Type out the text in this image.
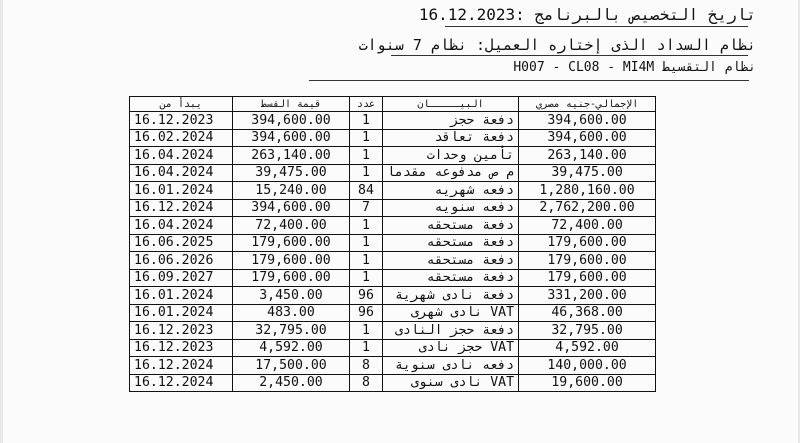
تاريخ التخصيص بالبرنامج :16.12.2023
نظام السداد الذى إختاره العميل: نظام 7 سنوات
H007 - CL08 - MI4M نظام التقسيط
يبدأ من	قيمة القسط	عدد	البيـــــان	الإجمالي-جنيه مصري
16.12.2023	394,600.00	1	دفعة حجز	394,600.00
16.02.2024	394,600.00	1	دفعة تعاقد	394,600.00
16.04.2024	263,140.00	1	تأمين وحدات	263,140.00
16.04.2024	39,475.00	1	م ص مدفوعه مقدما	39,475.00
16.01.2024	15,240.00	84	دفعه شهريه	1,280,160.00
16.12.2024	394,600.00	7	دفعه سنويه	2,762,200.00
16.04.2024	72,400.00	1	دفعة مستحقه	72,400.00
16.06.2025	179,600.00	1	دفعة مستحقه	179,600.00
16.06.2026	179,600.00	1	دفعة مستحقه	179,600.00
16.09.2027	179,600.00	1	دفعة مستحقه	179,600.00
16.01.2024	3,450.00	96	دفعة نادى شهرية	331,200.00
16.01.2024	483.00	96	VAT نادى شهرى	46,368.00
16.12.2023	32,795.00	1	دفعة حجز النادى	32,795.00
16.12.2023	4,592.00	1	VAT حجز نادى	4,592.00
16.12.2024	17,500.00	8	دفعه نادى سنوية	140,000.00
16.12.2024	2,450.00	8	VAT نادى سنوى	19,600.00
